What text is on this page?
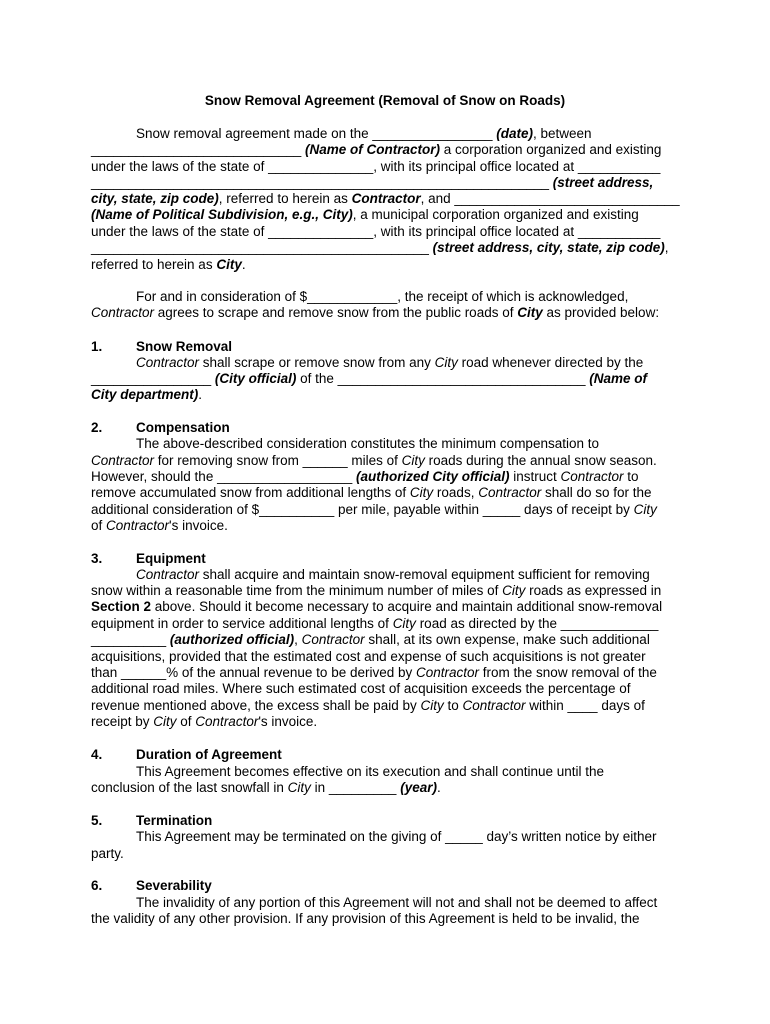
Snow Removal Agreement (Removal of Snow on Roads)
Snow removal agreement made on the ________________ (date), between
____________________________ (Name of Contractor) a corporation organized and existing
under the laws of the state of ______________, with its principal office located at ___________
_____________________________________________________________ (street address,
city, state, zip code), referred to herein as Contractor, and ______________________________
(Name of Political Subdivision, e.g., City), a municipal corporation organized and existing
under the laws of the state of ______________, with its principal office located at ___________
_____________________________________________ (street address, city, state, zip code),
referred to herein as City.
For and in consideration of $____________, the receipt of which is acknowledged,
Contractor agrees to scrape and remove snow from the public roads of City as provided below:
1. Snow Removal
Contractor shall scrape or remove snow from any City road whenever directed by the
________________ (City official) of the _________________________________ (Name of
City department).
2. Compensation
The above-described consideration constitutes the minimum compensation to
Contractor for removing snow from ______ miles of City roads during the annual snow season.
However, should the __________________ (authorized City official) instruct Contractor to
remove accumulated snow from additional lengths of City roads, Contractor shall do so for the
additional consideration of $__________ per mile, payable within _____ days of receipt by City
of Contractor's invoice.
3. Equipment
Contractor shall acquire and maintain snow-removal equipment sufficient for removing
snow within a reasonable time from the minimum number of miles of City roads as expressed in
Section 2 above. Should it become necessary to acquire and maintain additional snow-removal
equipment in order to service additional lengths of City road as directed by the _____________
__________ (authorized official), Contractor shall, at its own expense, make such additional
acquisitions, provided that the estimated cost and expense of such acquisitions is not greater
than ______% of the annual revenue to be derived by Contractor from the snow removal of the
additional road miles. Where such estimated cost of acquisition exceeds the percentage of
revenue mentioned above, the excess shall be paid by City to Contractor within ____ days of
receipt by City of Contractor's invoice.
4. Duration of Agreement
This Agreement becomes effective on its execution and shall continue until the
conclusion of the last snowfall in City in _________ (year).
5. Termination
This Agreement may be terminated on the giving of _____ day’s written notice by either
party.
6. Severability
The invalidity of any portion of this Agreement will not and shall not be deemed to affect
the validity of any other provision. If any provision of this Agreement is held to be invalid, the
